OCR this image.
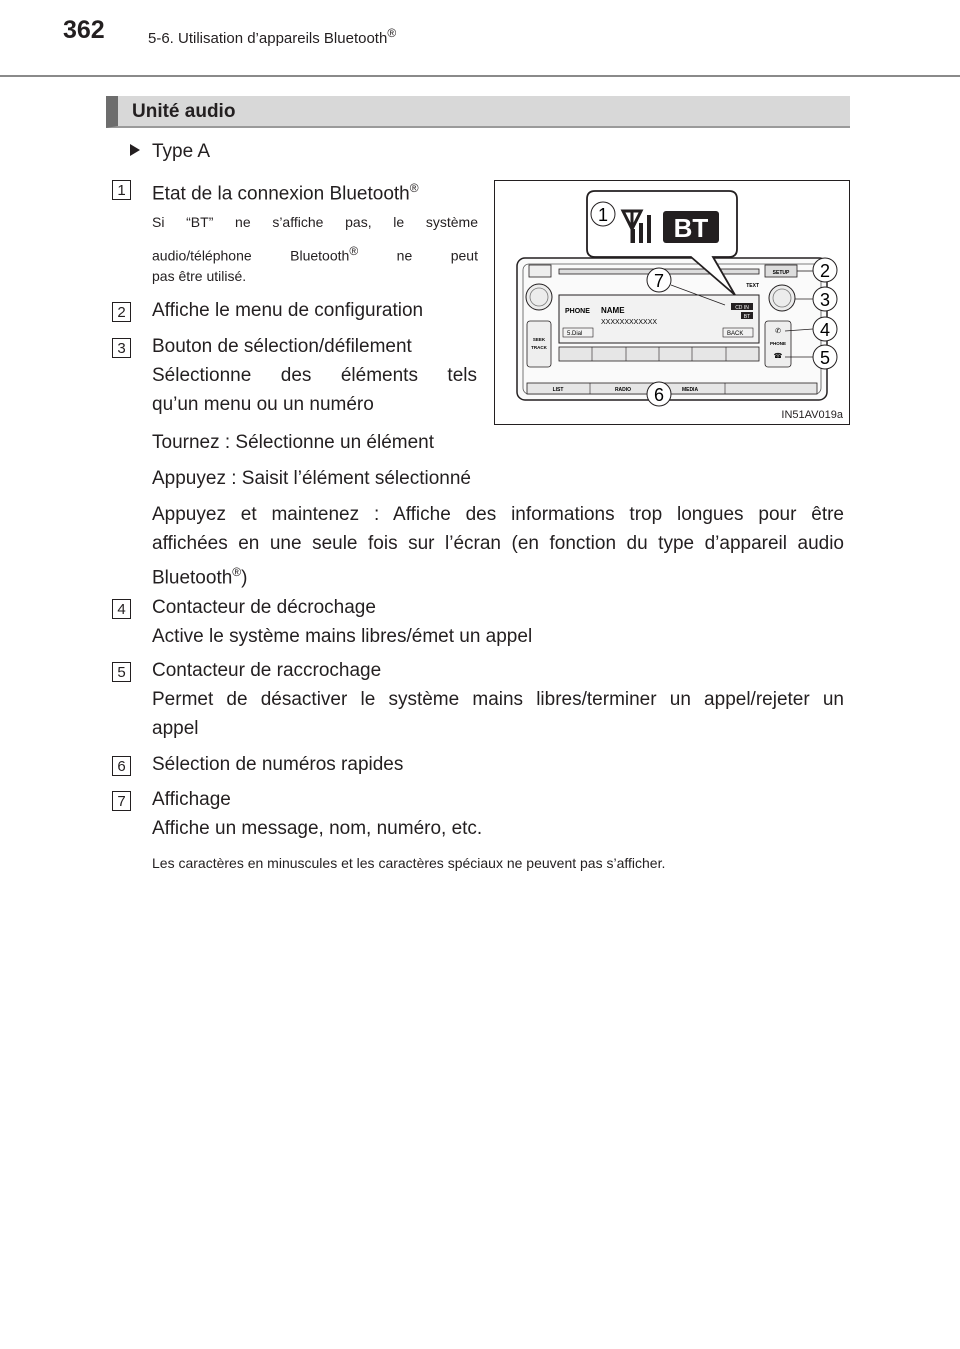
362	5-6. Utilisation d’appareils Bluetooth®
Unité audio
Type A
1 Etat de la connexion Bluetooth®
Si “BT” ne s’affiche pas, le système
audio/téléphone Bluetooth® ne peut
pas être utilisé.
2 Affiche le menu de configuration
3 Bouton de sélection/défilement
Sélectionne des éléments tels
qu’un menu ou un numéro
Tournez : Sélectionne un élément
Appuyez : Saisit l’élément sélectionné
Appuyez et maintenez : Affiche des informations trop longues pour être
affichées en une seule fois sur l’écran (en fonction du type d’appareil audio
Bluetooth®)
4 Contacteur de décrochage
Active le système mains libres/émet un appel
5 Contacteur de raccrochage
Permet de désactiver le système mains libres/terminer un appel/rejeter un
appel
6 Sélection de numéros rapides
7 Affichage
Affiche un message, nom, numéro, etc.
Les caractères en minuscules et les caractères spéciaux ne peuvent pas s’afficher.
SETUP
TEXT
PHONE NAME
XXXXXXXXXXXX
5.Dial	BACK
CD IN
BT
SEEK
TRACK
✆
PHONE
☎
LIST	RADIO	MEDIA
BT
1
7	2
3
4
5
6
IN51AV019a
